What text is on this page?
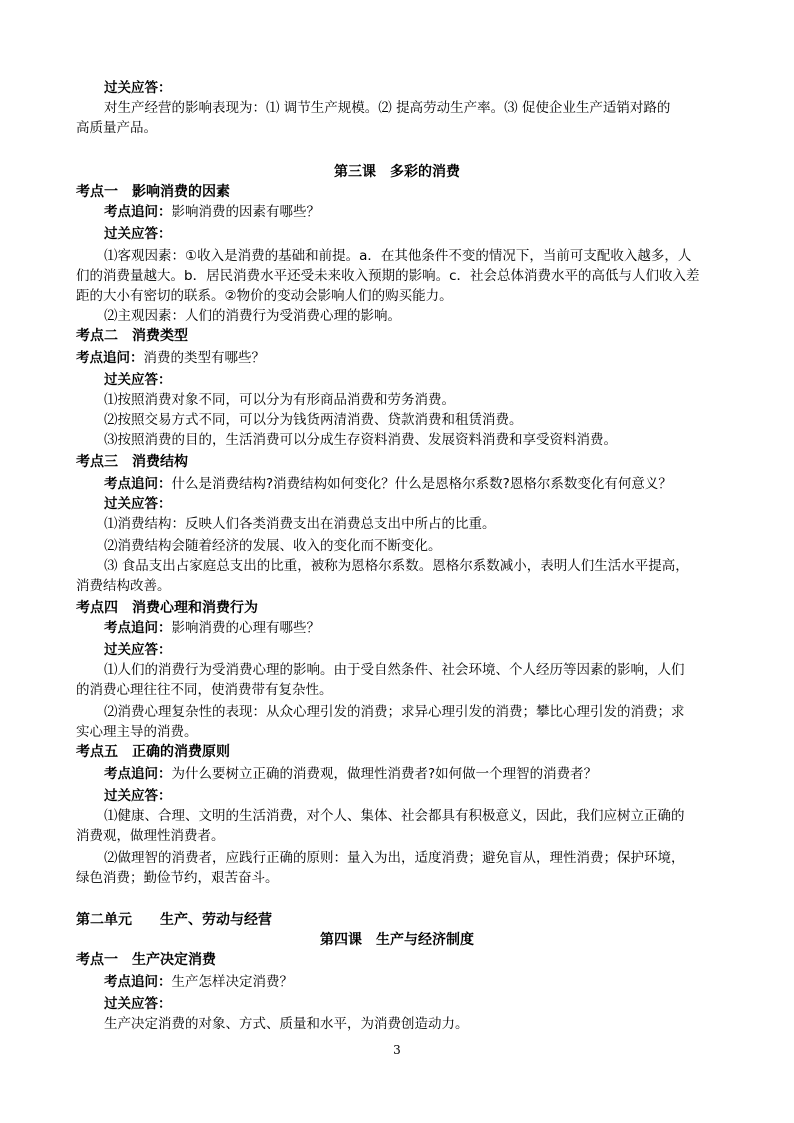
3
过关应答：
对生产经营的影响表现为：⑴ 调节生产规模。⑵ 提高劳动生产率。⑶ 促使企业生产适销对路的
高质量产品。
第三课　多彩的消费
考点一　影响消费的因素
考点追问：影响消费的因素有哪些？
过关应答：
⑴客观因素：①收入是消费的基础和前提。a．在其他条件不变的情况下，当前可支配收入越多，人
们的消费量越大。b．居民消费水平还受未来收入预期的影响。c．社会总体消费水平的高低与人们收入差
距的大小有密切的联系。②物价的变动会影响人们的购买能力。
⑵主观因素：人们的消费行为受消费心理的影响。
考点二　消费类型
考点追问：消费的类型有哪些？
过关应答：
⑴按照消费对象不同，可以分为有形商品消费和劳务消费。
⑵按照交易方式不同，可以分为钱货两清消费、贷款消费和租赁消费。
⑶按照消费的目的，生活消费可以分成生存资料消费、发展资料消费和享受资料消费。
考点三　消费结构
考点追问：什么是消费结构?消费结构如何变化？什么是恩格尔系数?恩格尔系数变化有何意义？
过关应答：
⑴消费结构：反映人们各类消费支出在消费总支出中所占的比重。
⑵消费结构会随着经济的发展、收入的变化而不断变化。
⑶ 食品支出占家庭总支出的比重，被称为恩格尔系数。恩格尔系数减小，表明人们生活水平提高，
消费结构改善。
考点四　消费心理和消费行为
考点追问：影响消费的心理有哪些？
过关应答：
⑴人们的消费行为受消费心理的影响。由于受自然条件、社会环境、个人经历等因素的影响，人们
的消费心理往往不同，使消费带有复杂性。
⑵消费心理复杂性的表现：从众心理引发的消费；求异心理引发的消费；攀比心理引发的消费；求
实心理主导的消费。
考点五　正确的消费原则
考点追问：为什么要树立正确的消费观，做理性消费者?如何做一个理智的消费者？
过关应答：
⑴健康、合理、文明的生活消费，对个人、集体、社会都具有积极意义，因此，我们应树立正确的
消费观，做理性消费者。
⑵做理智的消费者，应践行正确的原则：量入为出，适度消费；避免盲从，理性消费；保护环境，
绿色消费；勤俭节约，艰苦奋斗。
第二单元　　生产、劳动与经营
第四课　生产与经济制度
考点一　生产决定消费
考点追问：生产怎样决定消费？
过关应答：
生产决定消费的对象、方式、质量和水平，为消费创造动力。
